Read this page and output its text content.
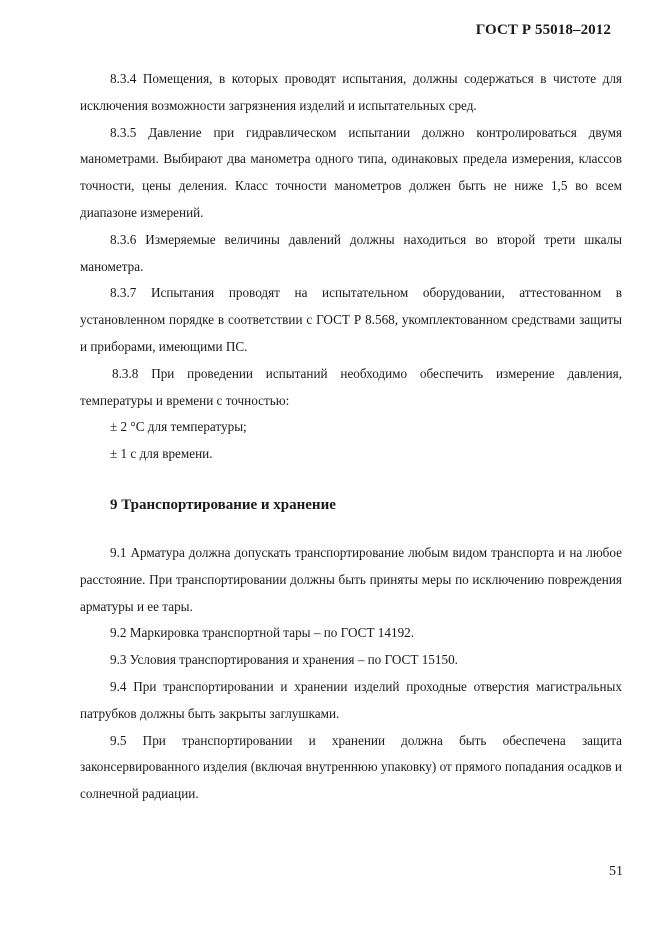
ГОСТ Р 55018–2012

8.3.4 Помещения, в которых проводят испытания, должны содержаться в чистоте для исключения возможности загрязнения изделий и испытательных сред.

8.3.5 Давление при гидравлическом испытании должно контролироваться двумя манометрами. Выбирают два манометра одного типа, одинаковых предела измерения, классов точности, цены деления. Класс точности манометров должен быть не ниже 1,5 во всем диапазоне измерений.

8.3.6 Измеряемые величины давлений должны находиться во второй трети шкалы манометра.

8.3.7 Испытания проводят на испытательном оборудовании, аттестованном в установленном порядке в соответствии с ГОСТ Р 8.568, укомплектованном средствами защиты и приборами, имеющими ПС.

8.3.8 При проведении испытаний необходимо обеспечить измерение давления, температуры и времени с точностью:

± 2 °С для температуры;

± 1 с для времени.

9 Транспортирование и хранение

9.1 Арматура должна допускать транспортирование любым видом транспорта и на любое расстояние. При транспортировании должны быть приняты меры по исключению повреждения арматуры и ее тары.

9.2 Маркировка транспортной тары – по ГОСТ 14192.

9.3 Условия транспортирования и хранения – по ГОСТ 15150.

9.4 При транспортировании и хранении изделий проходные отверстия магистральных патрубков должны быть закрыты заглушками.

9.5 При транспортировании и хранении должна быть обеспечена защита законсервированного изделия (включая внутреннюю упаковку) от прямого попадания осадков и солнечной радиации.

51
